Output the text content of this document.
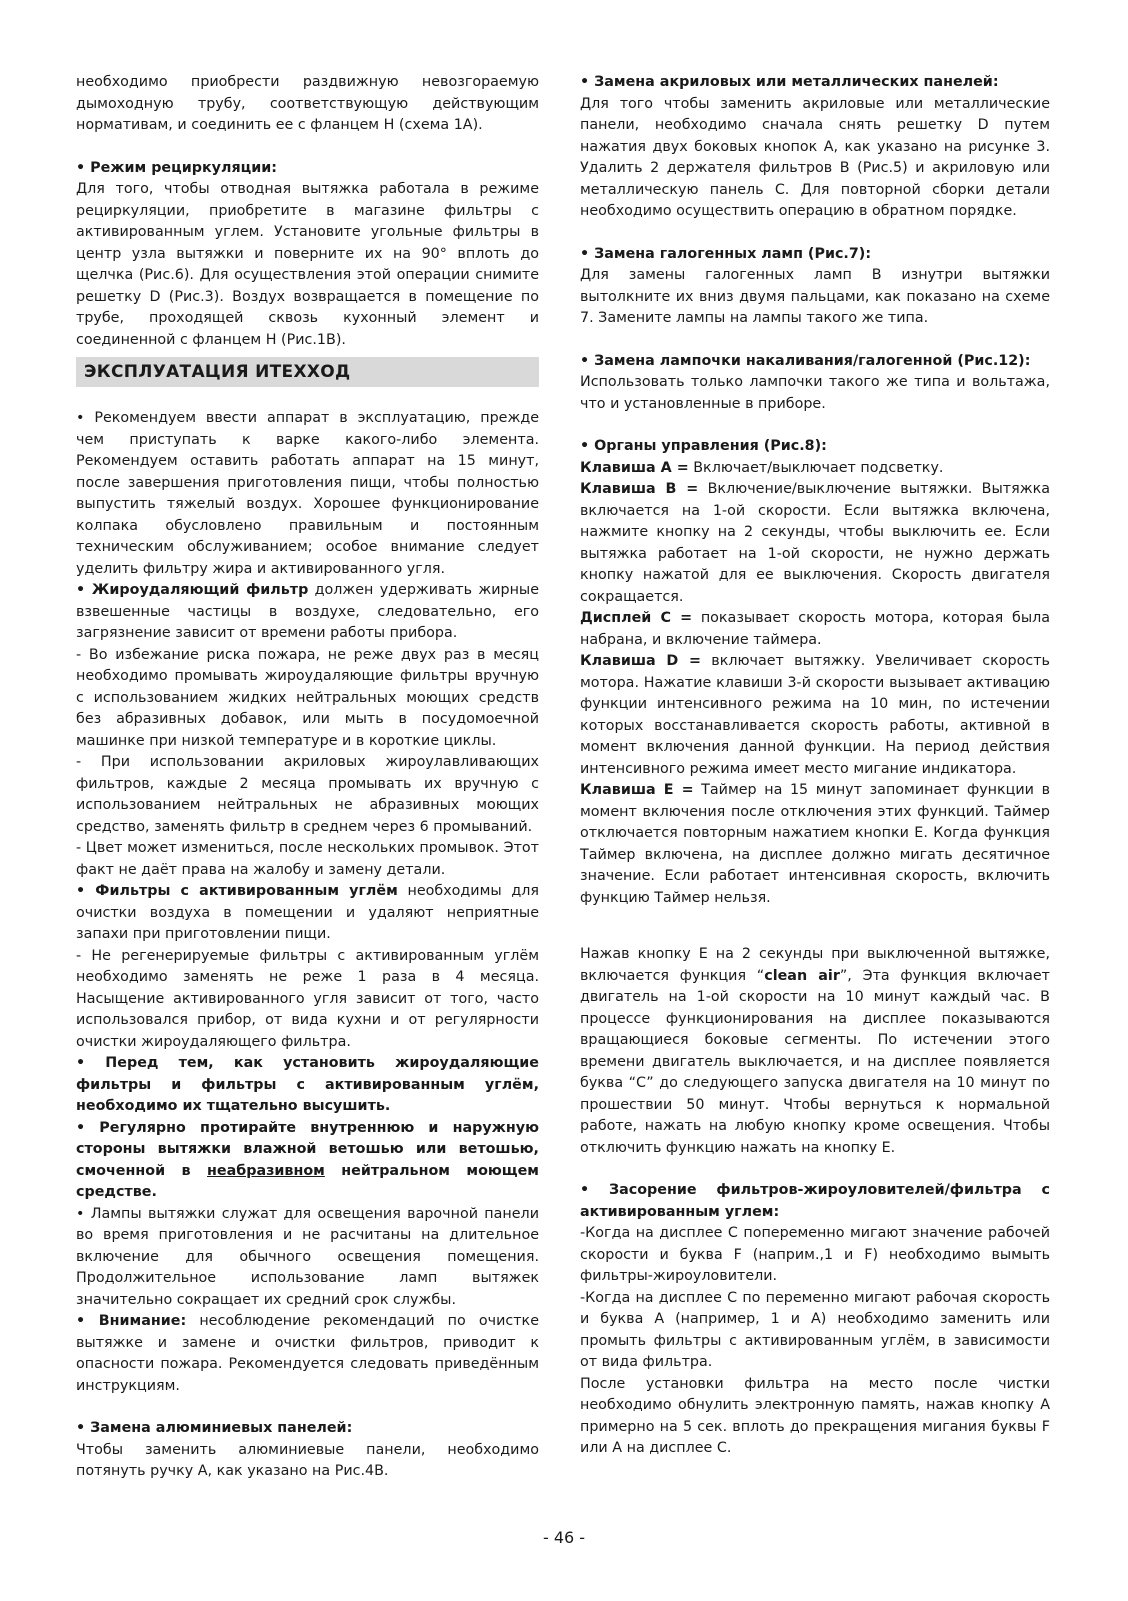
необходимо приобрести раздвижную невозгораемую дымоходную трубу, соответствующую действующим нормативам, и соединить ее с фланцем H (схема 1А).

• Режим рециркуляции:

Для того, чтобы отводная вытяжка работала в режиме рециркуляции, приобретите в магазине фильтры с активированным углем. Установите угольные фильтры в центр узла вытяжки и поверните их на 90° вплоть до щелчка (Рис.6). Для осуществления этой операции снимите решетку D (Рис.3). Воздух возвращается в помещение по трубе, проходящей сквозь кухонный элемент и соединенной с фланцем H (Рис.1B).

ЭКСПЛУАТАЦИЯ ИТЕХХОД

• Рекомендуем ввести аппарат в эксплуатацию, прежде чем приступать к варке какого-либо элемента. Рекомендуем оставить работать аппарат на 15 минут, после завершения приготовления пищи, чтобы полностью выпустить тяжелый воздух. Хорошее функционирование колпака обусловлено правильным и постоянным техническим обслуживанием; особое внимание следует уделить фильтру жира и активированного угля.

• Жироудаляющий фильтр должен удерживать жирные взвешенные частицы в воздухе, следовательно, его загрязнение зависит от времени работы прибора.

- Во избежание риска пожара, не реже двух раз в месяц необходимо промывать жироудаляющие фильтры вручную с использованием жидких нейтральных моющих средств без абразивных добавок, или мыть в посудомоечной машинке при низкой температуре и в короткие циклы.

- При использовании акриловых жироулавливающих фильтров, каждые 2 месяца промывать их вручную с использованием нейтральных не абразивных моющих средство, заменять фильтр в среднем через 6 промываний.

- Цвет может измениться, после нескольких промывок. Этот факт не даёт права на жалобу и замену детали.

• Фильтры с активированным углём необходимы для очистки воздуха в помещении и удаляют неприятные запахи при приготовлении пищи.

- Не регенерируемые фильтры с активированным углём необходимо заменять не реже 1 раза в 4 месяца. Насыщение активированного угля зависит от того, часто использовался прибор, от вида кухни и от регулярности очистки жироудаляющего фильтра.

• Перед тем, как установить жироудаляющие фильтры и фильтры с активированным углём, необходимо их тщательно высушить.

• Регулярно протирайте внутреннюю и наружную стороны вытяжки влажной ветошью или ветошью, смоченной в неабразивном нейтральном моющем средстве.

• Лампы вытяжки служат для освещения варочной панели во время приготовления и не расчитаны на длительное включение для обычного освещения помещения. Продолжительное использование ламп вытяжек значительно сокращает их средний срок службы.

• Внимание: несоблюдение рекомендаций по очистке вытяжке и замене и очистки фильтров, приводит к опасности пожара. Рекомендуется следовать приведённым инструкциям.

• Замена алюминиевых панелей:

Чтобы заменить алюминиевые панели, необходимо потянуть ручку A, как указано на Рис.4B.

• Замена акриловых или металлических панелей:

Для того чтобы заменить акриловые или металлические панели, необходимо сначала снять решетку D путем нажатия двух боковых кнопок A, как указано на рисунке 3. Удалить 2 держателя фильтров B (Рис.5) и акриловую или металлическую панель C. Для повторной сборки детали необходимо осуществить операцию в обратном порядке.

• Замена галогенных ламп (Рис.7):

Для замены галогенных ламп B изнутри вытяжки вытолкните их вниз двумя пальцами, как показано на схеме 7. Замените лампы на лампы такого же типа.

• Замена лампочки накаливания/галогенной (Рис.12):

Использовать только лампочки такого же типа и вольтажа, что и установленные в приборе.

• Органы управления (Рис.8):

Клавиша A = Включает/выключает подсветку.

Клавиша B = Включение/выключение вытяжки. Вытяжка включается на 1-ой скорости. Если вытяжка включена, нажмите кнопку на 2 секунды, чтобы выключить ее. Если вытяжка работает на 1-ой скорости, не нужно держать кнопку нажатой для ее выключения. Скорость двигателя сокращается.

Дисплей C = показывает скорость мотора, которая была набрана, и включение таймера.

Клавиша D = включает вытяжку. Увеличивает скорость мотора. Нажатие клавиши 3-й скорости вызывает активацию функции интенсивного режима на 10 мин, по истечении которых восстанавливается скорость работы, активной в момент включения данной функции. На период действия интенсивного режима имеет место мигание индикатора.

Клавиша E = Таймер на 15 минут запоминает функции в момент включения после отключения этих функций. Таймер отключается повторным нажатием кнопки E. Когда функция Таймер включена, на дисплее должно мигать десятичное значение. Если работает интенсивная скорость, включить функцию Таймер нельзя.

Нажав кнопку E на 2 секунды при выключенной вытяжке, включается функция “clean air”, Эта функция включает двигатель на 1-ой скорости на 10 минут каждый час. В процессе функционирования на дисплее показываются вращающиеся боковые сегменты. По истечении этого времени двигатель выключается, и на дисплее появляется буква “C” до следующего запуска двигателя на 10 минут по прошествии 50 минут. Чтобы вернуться к нормальной работе, нажать на любую кнопку кроме освещения. Чтобы отключить функцию нажать на кнопку E.

• Засорение фильтров-жироуловителей/фильтра с активированным углем:

-Когда на дисплее C попеременно мигают значение рабочей скорости и буква F (наприм.,1 и F) необходимо вымыть фильтры-жироуловители.

-Когда на дисплее C по переменно мигают рабочая скорость и буква A (например, 1 и A) необходимо заменить или промыть фильтры с активированным углём, в зависимости от вида фильтра.

После установки фильтра на место после чистки необходимо обнулить электронную память, нажав кнопку A примерно на 5 сек. вплоть до прекращения мигания буквы F или A на дисплее C.

- 46 -
